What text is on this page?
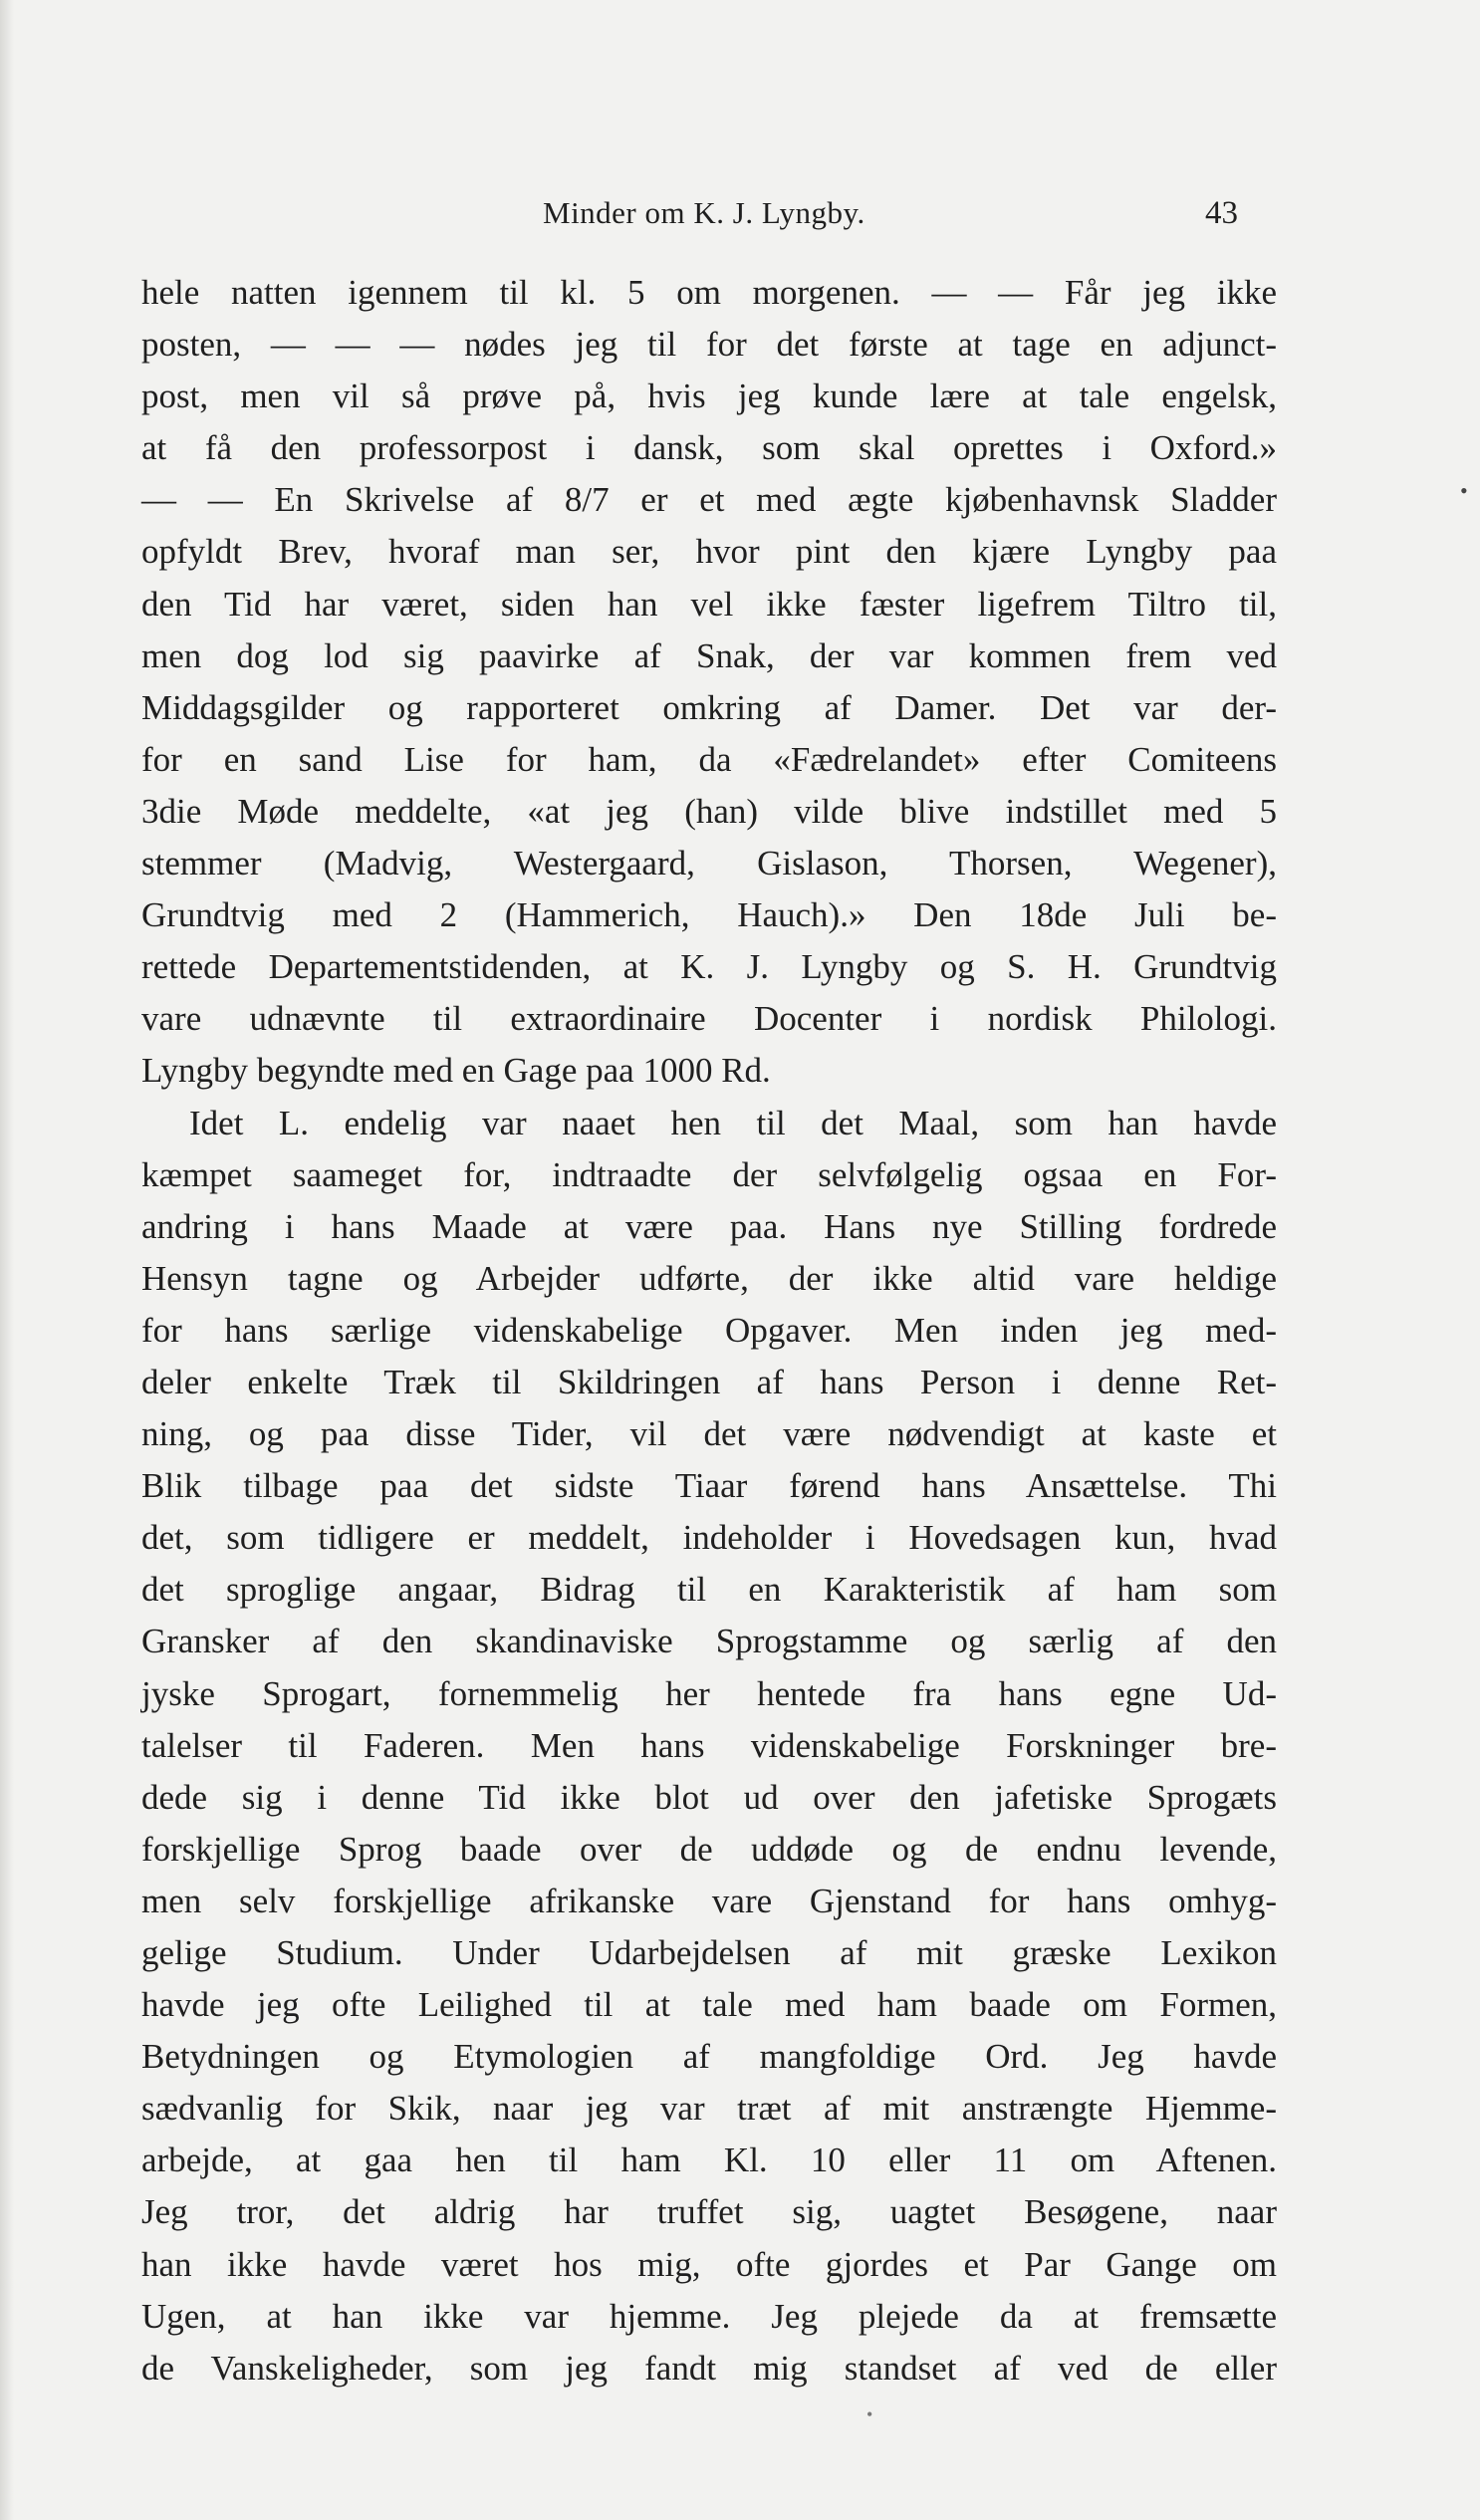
Minder om K. J. Lyngby.	43
hele natten igennem til kl. 5 om morgenen. — — Får jeg ikke
posten, — — — nødes jeg til for det første at tage en adjunct-
post, men vil så prøve på, hvis jeg kunde lære at tale engelsk,
at få den professorpost i dansk, som skal oprettes i Oxford.»
— — En Skrivelse af 8/7 er et med ægte kjøbenhavnsk Sladder
opfyldt Brev, hvoraf man ser, hvor pint den kjære Lyngby paa
den Tid har været, siden han vel ikke fæster ligefrem Tiltro til,
men dog lod sig paavirke af Snak, der var kommen frem ved
Middagsgilder og rapporteret omkring af Damer. Det var der-
for en sand Lise for ham, da «Fædrelandet» efter Comiteens
3die Møde meddelte, «at jeg (han) vilde blive indstillet med 5
stemmer (Madvig, Westergaard, Gislason, Thorsen, Wegener),
Grundtvig med 2 (Hammerich, Hauch).» Den 18de Juli be-
rettede Departementstidenden, at K. J. Lyngby og S. H. Grundtvig
vare udnævnte til extraordinaire Docenter i nordisk Philologi.
Lyngby begyndte med en Gage paa 1000 Rd.
Idet L. endelig var naaet hen til det Maal, som han havde
kæmpet saameget for, indtraadte der selvfølgelig ogsaa en For-
andring i hans Maade at være paa. Hans nye Stilling fordrede
Hensyn tagne og Arbejder udførte, der ikke altid vare heldige
for hans særlige videnskabelige Opgaver. Men inden jeg med-
deler enkelte Træk til Skildringen af hans Person i denne Ret-
ning, og paa disse Tider, vil det være nødvendigt at kaste et
Blik tilbage paa det sidste Tiaar førend hans Ansættelse. Thi
det, som tidligere er meddelt, indeholder i Hovedsagen kun, hvad
det sproglige angaar, Bidrag til en Karakteristik af ham som
Gransker af den skandinaviske Sprogstamme og særlig af den
jyske Sprogart, fornemmelig her hentede fra hans egne Ud-
talelser til Faderen. Men hans videnskabelige Forskninger bre-
dede sig i denne Tid ikke blot ud over den jafetiske Sprogæts
forskjellige Sprog baade over de uddøde og de endnu levende,
men selv forskjellige afrikanske vare Gjenstand for hans omhyg-
gelige Studium. Under Udarbejdelsen af mit græske Lexikon
havde jeg ofte Leilighed til at tale med ham baade om Formen,
Betydningen og Etymologien af mangfoldige Ord. Jeg havde
sædvanlig for Skik, naar jeg var træt af mit anstrængte Hjemme-
arbejde, at gaa hen til ham Kl. 10 eller 11 om Aftenen.
Jeg tror, det aldrig har truffet sig, uagtet Besøgene, naar
han ikke havde været hos mig, ofte gjordes et Par Gange om
Ugen, at han ikke var hjemme. Jeg plejede da at fremsætte
de Vanskeligheder, som jeg fandt mig standset af ved de eller
•
•
